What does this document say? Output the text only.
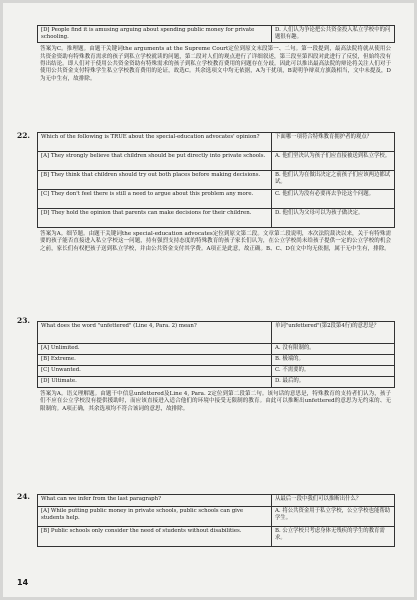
[D] People find it is amusing arguing about spending public money for private schooling.	D. 人们认为争论把公共资金投入私立学校中的问题很有趣。
答案为C。推理题。由题干关键词the arguments at the Supreme Court定位到原文末段第一、二句。第一段提到，最高法院将就从使用公共资金资助有特殊教育需求的孩子到私立学校就读的问题，第二段对人们的观点进行了详细叙述，第三段至第四段对此进行了反驳，但始终没有得出结论。即人们对于使用公共资金资助有特殊需求的孩子到私立学校教育费用的问题存在分歧。因此可以推出最高法院的辩论将关注人们对于使用公共资金支付特殊学生私立学校教育费用的论证，故选C。其余选项文中均无依据，A为干扰项，B说明争辩双方旗鼓相当，文中未提及，D为无中生有，故排除。
22. Which of the following is TRUE about the special-education advocates' opinion?	下面哪一项符合特殊教育拥护者的观点？
[A] They strongly believe that children should be put directly into private schools.	A. 他们坚决认为孩子们应直接被送到私立学校。
[B] They think that children should try out both places before making decisions.	B. 他们认为在做出决定之前孩子们应该两边都试试。
[C] They don't feel there is still a need to argue about this problem any more.	C. 他们认为没有必要再去争论这个问题。
[D] They hold the opinion that parents can make decisions for their children.	D. 他们认为父母可以为孩子做决定。
答案为A。细节题。由题干关键词the special-education advocates定位到原文第二段。文章第二段说明，本次法院裁决以来，关于有特殊需要的孩子能否直接进入私立学校这一问题，持有强烈支持态度的特殊教育的孩子家长们认为，在公立学校尚未给孩子提供一定的公立学校的机会之前，家长们有权把孩子送到私立学校，并由公共资金支付其学费。A项正是此意，故正确。B、C、D在文中均无依据，属于无中生有，排除。
23.
What does the word "unfettered" (Line 4, Para. 2) mean?	单词"unfettered"(第2段第4行)的意思是？
[A] Unlimited.	A. 没有限制的。
[B] Extreme.	B. 极端的。
[C] Unwanted.	C. 不需要的。
[D] Ultimate.	D. 最后的。
答案为A。语义理解题。由题干中信息unfettered及Line 4, Para. 2定位到第二段第二句。该句话的意思是，特殊教育的支持者们认为，孩子们不应在公立学校没有提供援助时，而应该直接进入适合他们的环境中接受无限制的教育。由此可以推断出unfettered的意思为无约束的、无限制的。A项正确，其余选项均不符合该词的意思，故排除。
24. What can we infer from the last paragraph?	从最后一段中我们可以推断出什么？
[A] While putting public money in private schools, public schools can give students help.	A. 将公共资金用于私立学校，公立学校也能帮助学生。
[B] Public schools only consider the need of students without disabilities.	B. 公立学校只考虑身体无残疾的学生的教育需求。
14
